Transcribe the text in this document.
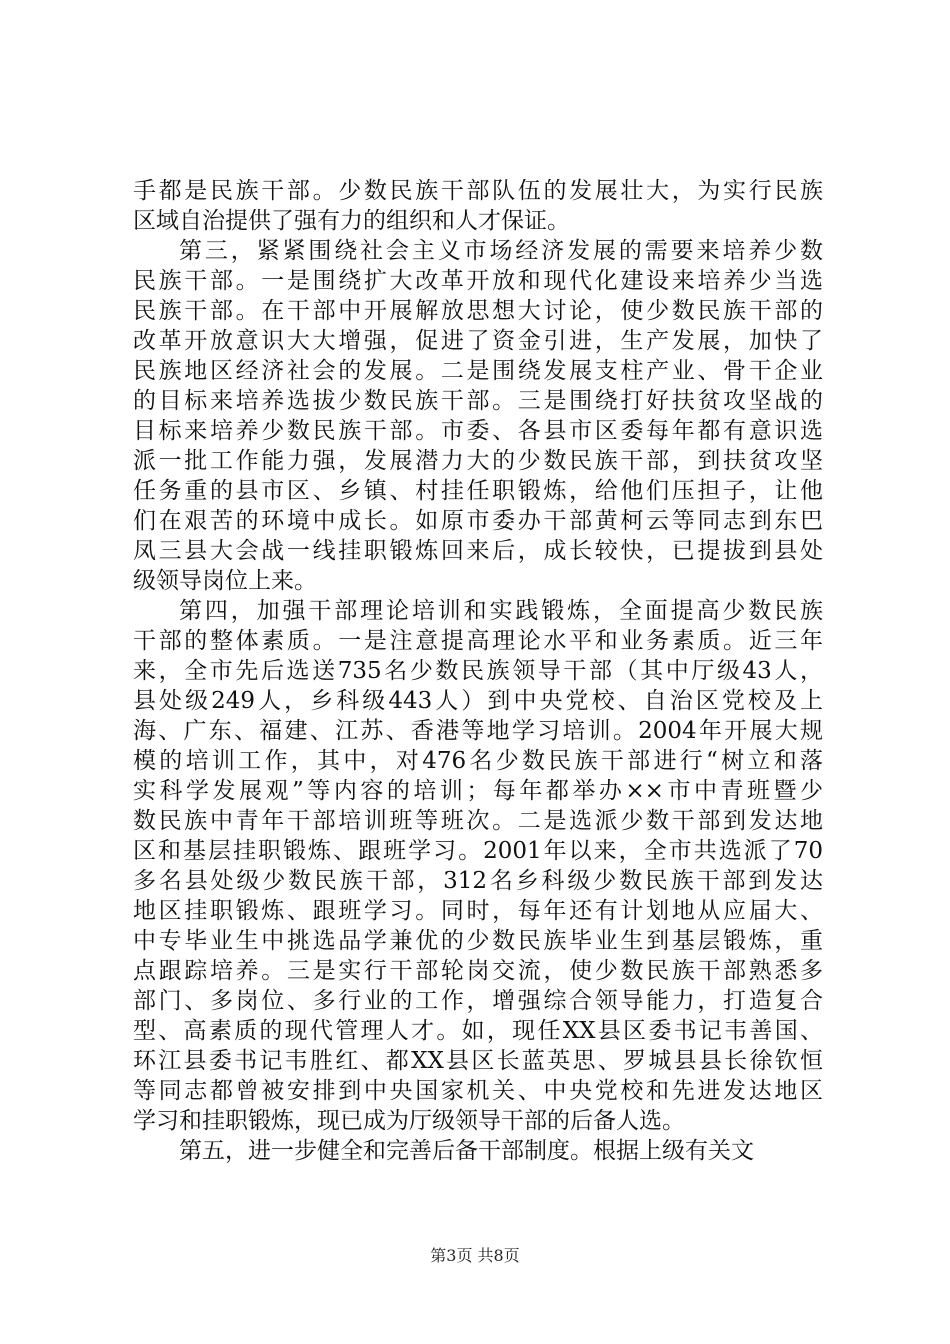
手都是民族干部。少数民族干部队伍的发展壮大，为实行民族
区域自治提供了强有力的组织和人才保证。
第三，紧紧围绕社会主义市场经济发展的需要来培养少数
民族干部。一是围绕扩大改革开放和现代化建设来培养少当选
民族干部。在干部中开展解放思想大讨论，使少数民族干部的
改革开放意识大大增强，促进了资金引进，生产发展，加快了
民族地区经济社会的发展。二是围绕发展支柱产业、骨干企业
的目标来培养选拔少数民族干部。三是围绕打好扶贫攻坚战的
目标来培养少数民族干部。市委、各县市区委每年都有意识选
派一批工作能力强，发展潜力大的少数民族干部，到扶贫攻坚
任务重的县市区、乡镇、村挂任职锻炼，给他们压担子，让他
们在艰苦的环境中成长。如原市委办干部黄柯云等同志到东巴
凤三县大会战一线挂职锻炼回来后，成长较快，已提拔到县处
级领导岗位上来。
第四，加强干部理论培训和实践锻炼，全面提高少数民族
干部的整体素质。一是注意提高理论水平和业务素质。近三年
来，全市先后选送735名少数民族领导干部（其中厅级43人，
县处级249人，乡科级443人）到中央党校、自治区党校及上
海、广东、福建、江苏、香港等地学习培训。2004年开展大规
模的培训工作，其中，对476名少数民族干部进行“树立和落
实科学发展观”等内容的培训；每年都举办××市中青班暨少
数民族中青年干部培训班等班次。二是选派少数干部到发达地
区和基层挂职锻炼、跟班学习。2001年以来，全市共选派了70
多名县处级少数民族干部，312名乡科级少数民族干部到发达
地区挂职锻炼、跟班学习。同时，每年还有计划地从应届大、
中专毕业生中挑选品学兼优的少数民族毕业生到基层锻炼，重
点跟踪培养。三是实行干部轮岗交流，使少数民族干部熟悉多
部门、多岗位、多行业的工作，增强综合领导能力，打造复合
型、高素质的现代管理人才。如，现任XX县区委书记韦善国、
环江县委书记韦胜红、都XX县区长蓝英思、罗城县县长徐钦恒
等同志都曾被安排到中央国家机关、中央党校和先进发达地区
学习和挂职锻炼，现已成为厅级领导干部的后备人选。
第五，进一步健全和完善后备干部制度。根据上级有关文
第3页 共8页
